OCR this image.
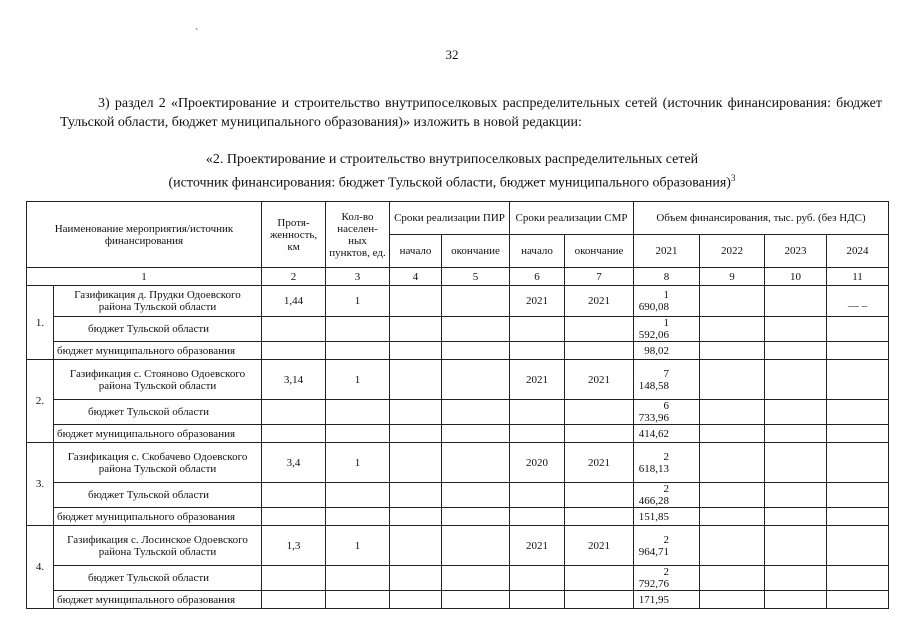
`
32
3) раздел 2 «Проектирование и строительство внутрипоселковых распределительных сетей (источник финансирования: бюджет Тульской области, бюджет муниципального образования)» изложить в новой редакции:
«2. Проектирование и строительство внутрипоселковых распределительных сетей
(источник финансирования: бюджет Тульской области, бюджет муниципального образования)$^3$
Наименование мероприятия/источник финансирования		Протя-женность, км	Кол-во населен-ных пунктов, ед.	Сроки реализации ПИР		Сроки реализации СМР		Объем финансирования, тыс. руб. (без НДС)			
				начало	окончание	начало	окончание	2021	2022	2023	2024
1		2	3	4	5	6	7	8	9	10	11
1.	Газификация д. Прудки Одоевского района Тульской области	1,44	1			2021	2021	1 690,08			— –
	бюджет Тульской области							1 592,06			
	бюджет муниципального образования							98,02			
2.	Газификация с. Стояново Одоевского района Тульской области	3,14	1			2021	2021	7 148,58			
	бюджет Тульской области							6 733,96			
	бюджет муниципального образования							414,62			
3.	Газификация с. Скобачево Одоевского района Тульской области	3,4	1			2020	2021	2 618,13			
	бюджет Тульской области							2 466,28			
	бюджет муниципального образования							151,85			
4.	Газификация с. Лосинское Одоевского района Тульской области	1,3	1			2021	2021	2 964,71			
	бюджет Тульской области							2 792,76			
	бюджет муниципального образования							171,95			
